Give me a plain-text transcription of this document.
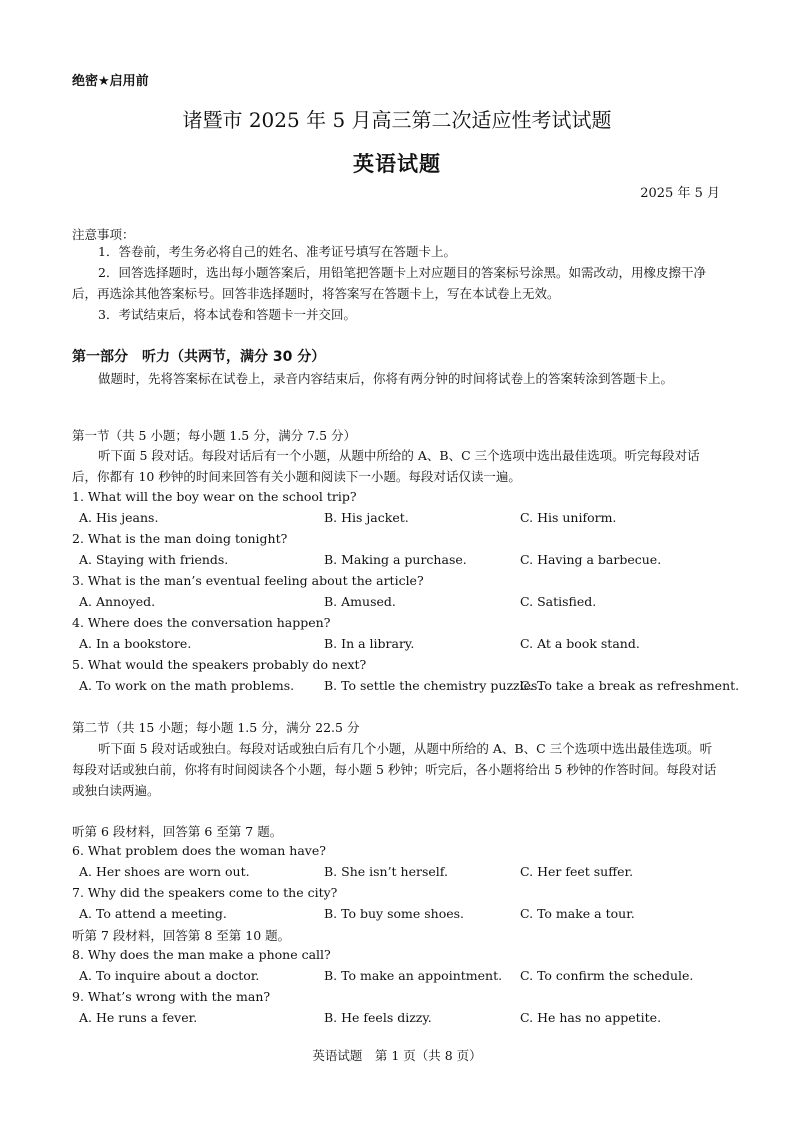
绝密★启用前
诸暨市 2025 年 5 月高三第二次适应性考试试题
英语试题
2025 年 5 月
注意事项：
1．答卷前，考生务必将自己的姓名、准考证号填写在答题卡上。
2．回答选择题时，选出每小题答案后，用铅笔把答题卡上对应题目的答案标号涂黑。如需改动，用橡皮擦干净后，再选涂其他答案标号。回答非选择题时，将答案写在答题卡上，写在本试卷上无效。
3．考试结束后，将本试卷和答题卡一并交回。
第一部分　听力（共两节，满分 30 分）
做题时，先将答案标在试卷上，录音内容结束后，你将有两分钟的时间将试卷上的答案转涂到答题卡上。
第一节（共 5 小题；每小题 1.5 分，满分 7.5 分）
听下面 5 段对话。每段对话后有一个小题，从题中所给的 A、B、C 三个选项中选出最佳选项。听完每段对话后，你都有 10 秒钟的时间来回答有关小题和阅读下一小题。每段对话仅读一遍。
1. What will the boy wear on the school trip?
A. His jeans.	B. His jacket.	C. His uniform.
2. What is the man doing tonight?
A. Staying with friends.	B. Making a purchase.	C. Having a barbecue.
3. What is the man’s eventual feeling about the article?
A. Annoyed.	B. Amused.	C. Satisfied.
4. Where does the conversation happen?
A. In a bookstore.	B. In a library.	C. At a book stand.
5. What would the speakers probably do next?
A. To work on the math problems. B. To settle the chemistry puzzles.
C. To take a break as refreshment.
第二节（共 15 小题；每小题 1.5 分，满分 22.5 分
听下面 5 段对话或独白。每段对话或独白后有几个小题，从题中所给的 A、B、C 三个选项中选出最佳选项。听每段对话或独白前，你将有时间阅读各个小题，每小题 5 秒钟；听完后，各小题将给出 5 秒钟的作答时间。每段对话或独白读两遍。
听第 6 段材料，回答第 6 至第 7 题。
6. What problem does the woman have?
A. Her shoes are worn out.	B. She isn’t herself.	C. Her feet suffer.
7. Why did the speakers come to the city?
A. To attend a meeting.	B. To buy some shoes.	C. To make a tour.
听第 7 段材料，回答第 8 至第 10 题。
8. Why does the man make a phone call?
A. To inquire about a doctor.	B. To make an appointment. C. To confirm the schedule.
9. What’s wrong with the man?
A. He runs a fever.	B. He feels dizzy.	C. He has no appetite.
英语试题　第 1 页（共 8 页）
